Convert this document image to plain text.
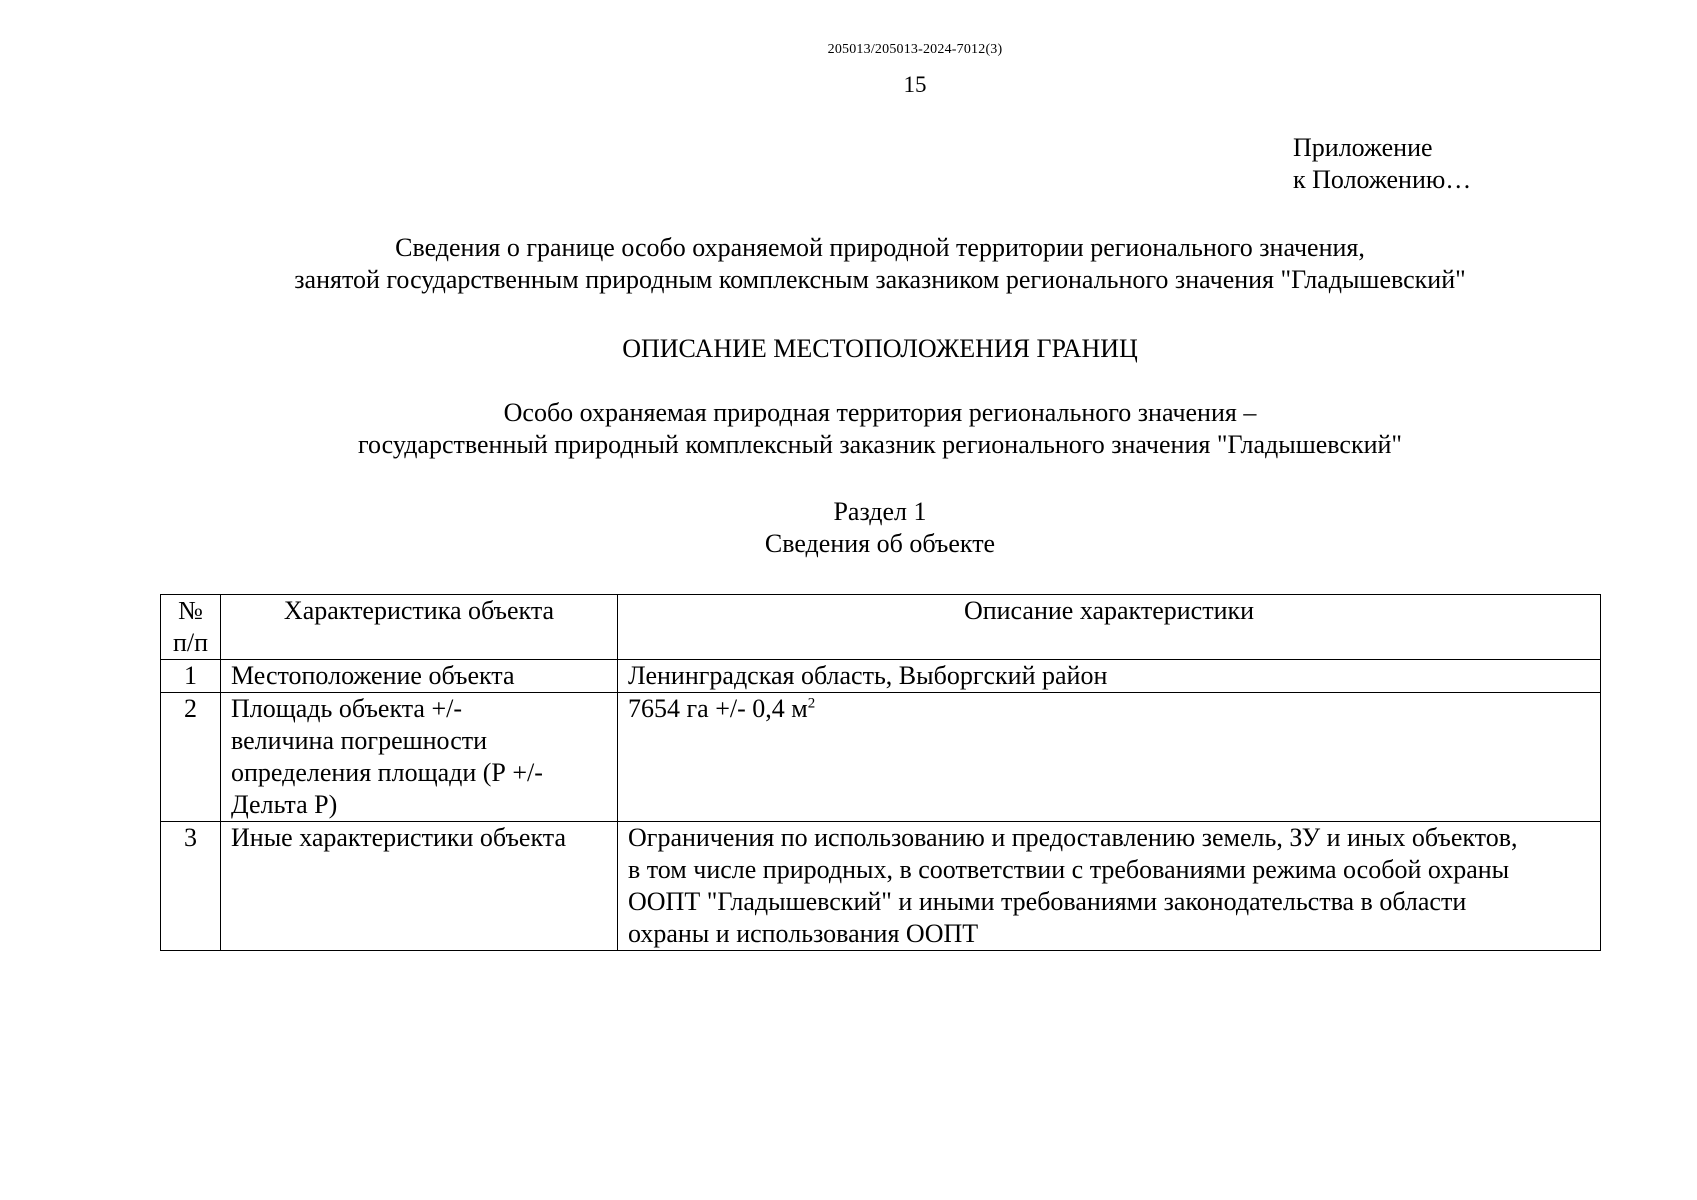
205013/205013-2024-7012(3)
15
Приложение
к Положению…
Сведения о границе особо охраняемой природной территории регионального значения,
занятой государственным природным комплексным заказником регионального значения "Гладышевский"
ОПИСАНИЕ МЕСТОПОЛОЖЕНИЯ ГРАНИЦ
Особо охраняемая природная территория регионального значения –
государственный природный комплексный заказник регионального значения "Гладышевский"
Раздел 1
Сведения об объекте
№
п/п	Характеристика объекта	Описание характеристики
1	Местоположение объекта	Ленинградская область, Выборгский район

2	Площадь объекта +/-
величина погрешности
определения площади (Р +/-
Дельта Р)	7654 га +/- 0,4 $м^2$
3	Иные характеристики объекта	Ограничения по использованию и предоставлению земель, ЗУ и иных объектов,
в том числе природных, в соответствии с требованиями режима особой охраны
ООПТ "Гладышевский" и иными требованиями законодательства в области
охраны и использования ООПТ
